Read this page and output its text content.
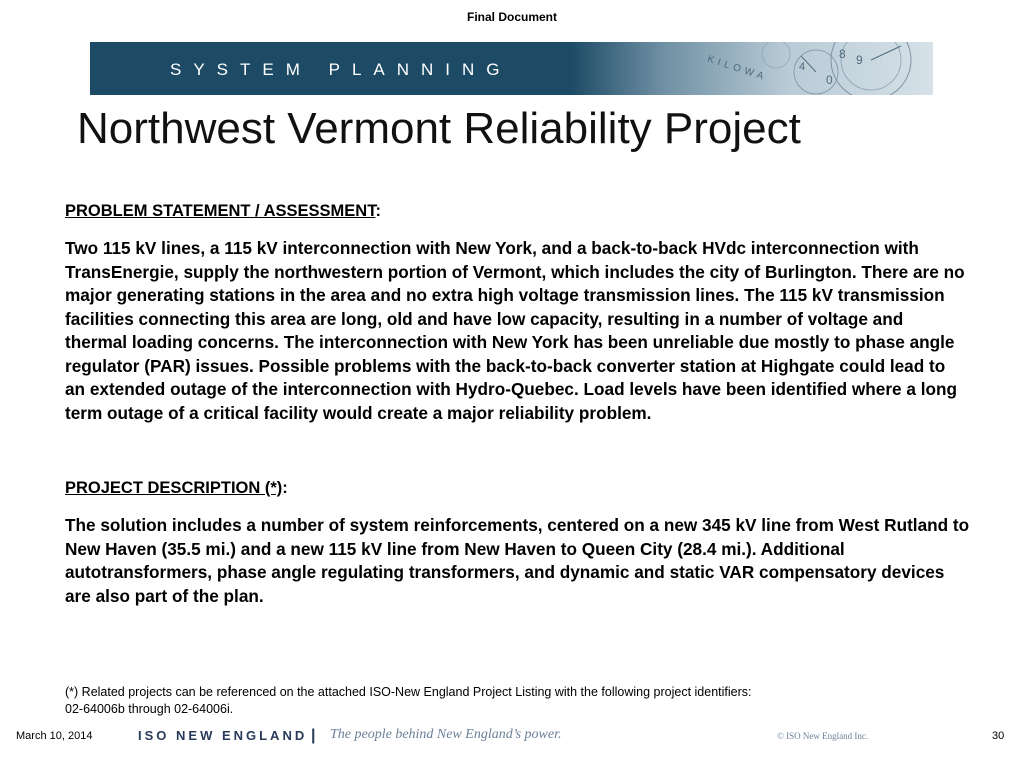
Final Document
SYSTEM PLANNING
8 9
0
4
KILOWA
Northwest Vermont Reliability Project
PROBLEM STATEMENT / ASSESSMENT:
Two 115 kV lines, a 115 kV interconnection with New York, and a back-to-back HVdc interconnection with TransEnergie, supply the northwestern portion of Vermont, which includes the city of Burlington. There are no major generating stations in the area and no extra high voltage transmission lines. The 115 kV transmission facilities connecting this area are long, old and have low capacity, resulting in a number of voltage and thermal loading concerns. The interconnection with New York has been unreliable due mostly to phase angle regulator (PAR) issues. Possible problems with the back-to-back converter station at Highgate could lead to an extended outage of the interconnection with Hydro-Quebec. Load levels have been identified where a long term outage of a critical facility would create a major reliability problem.
PROJECT DESCRIPTION (*):
The solution includes a number of system reinforcements, centered on a new 345 kV line from West Rutland to New Haven (35.5 mi.) and a new 115 kV line from New Haven to Queen City (28.4 mi.). Additional autotransformers, phase angle regulating transformers, and dynamic and static VAR compensatory devices are also part of the plan.
(*) Related projects can be referenced on the attached ISO-New England Project Listing with the following project identifiers:
02-64006b through 02-64006i.
March 10, 2014	ISO NEW ENGLAND | The people behind New England’s power.	© ISO New England Inc.	30
